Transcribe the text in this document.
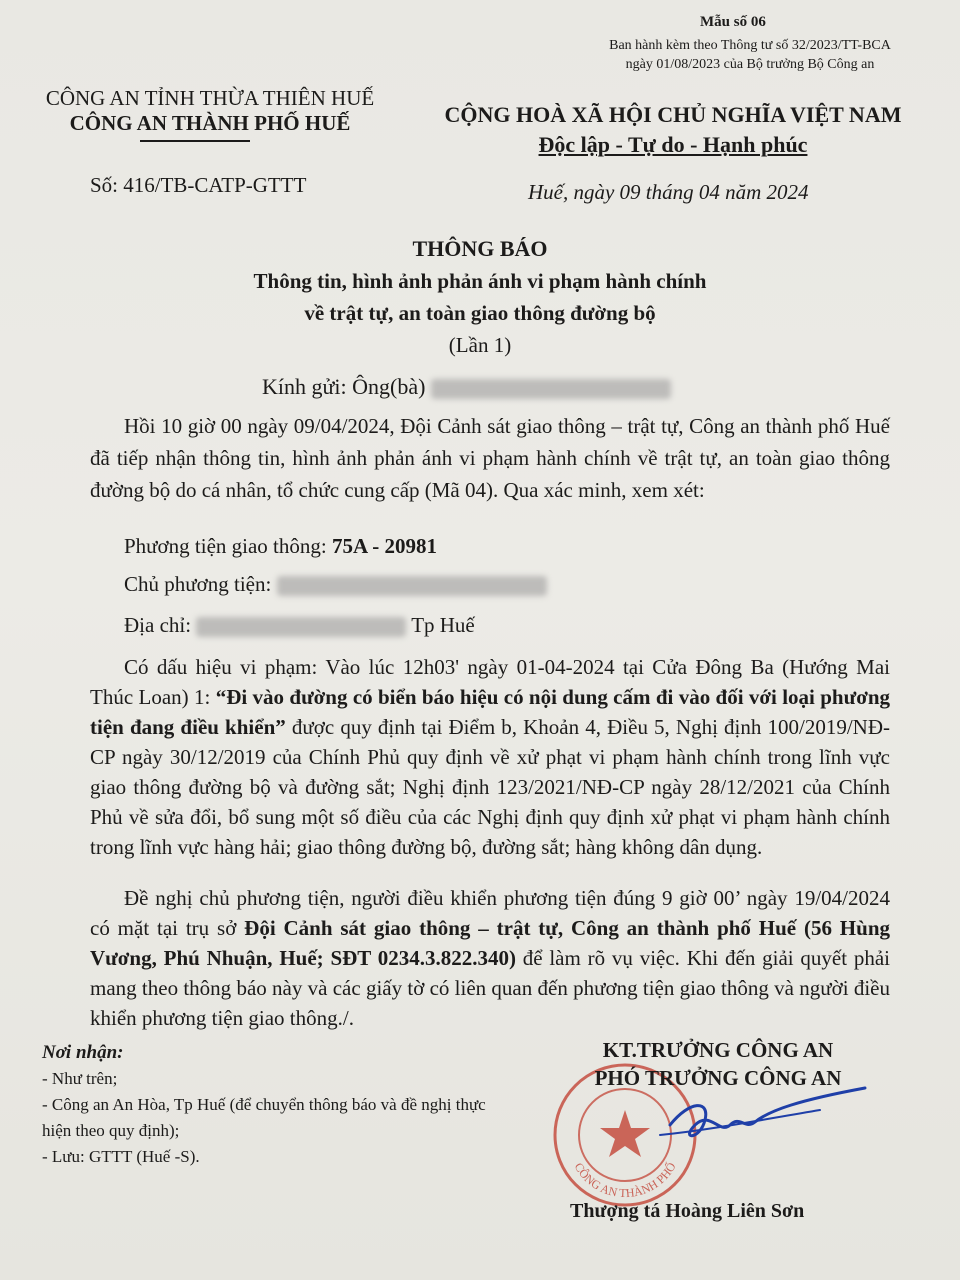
Mẫu số 06
Ban hành kèm theo Thông tư số 32/2023/TT-BCA
ngày 01/08/2023 của Bộ trưởng Bộ Công an
CÔNG AN TỈNH THỪA THIÊN HUẾ
CÔNG AN THÀNH PHỐ HUẾ
Số: 416/TB-CATP-GTTT
CỘNG HOÀ XÃ HỘI CHỦ NGHĨA VIỆT NAM
Độc lập - Tự do - Hạnh phúc
Huế, ngày 09 tháng 04 năm 2024
THÔNG BÁO
Thông tin, hình ảnh phản ánh vi phạm hành chính
về trật tự, an toàn giao thông đường bộ
(Lần 1)
Kính gửi: Ông(bà)
Hồi 10 giờ 00 ngày 09/04/2024, Đội Cảnh sát giao thông – trật tự, Công an thành phố Huế đã tiếp nhận thông tin, hình ảnh phản ánh vi phạm hành chính về trật tự, an toàn giao thông đường bộ do cá nhân, tổ chức cung cấp (Mã 04). Qua xác minh, xem xét:
Phương tiện giao thông: 75A - 20981
Chủ phương tiện:
Địa chỉ:	Tp Huế
Có dấu hiệu vi phạm: Vào lúc 12h03' ngày 01-04-2024 tại Cửa Đông Ba (Hướng Mai Thúc Loan) 1: “Đi vào đường có biển báo hiệu có nội dung cấm đi vào đối với loại phương tiện đang điều khiển” được quy định tại Điểm b, Khoản 4, Điều 5, Nghị định 100/2019/NĐ-CP ngày 30/12/2019 của Chính Phủ quy định về xử phạt vi phạm hành chính trong lĩnh vực giao thông đường bộ và đường sắt; Nghị định 123/2021/NĐ-CP ngày 28/12/2021 của Chính Phủ về sửa đổi, bổ sung một số điều của các Nghị định quy định xử phạt vi phạm hành chính trong lĩnh vực hàng hải; giao thông đường bộ, đường sắt; hàng không dân dụng.
Đề nghị chủ phương tiện, người điều khiển phương tiện đúng 9 giờ 00’ ngày 19/04/2024 có mặt tại trụ sở Đội Cảnh sát giao thông – trật tự, Công an thành phố Huế (56 Hùng Vương, Phú Nhuận, Huế; SĐT 0234.3.822.340) để làm rõ vụ việc. Khi đến giải quyết phải mang theo thông báo này và các giấy tờ có liên quan đến phương tiện giao thông và người điều khiển phương tiện giao thông./.
Nơi nhận:
- Như trên;
- Công an An Hòa, Tp Huế (để chuyển thông báo và đề nghị thực hiện theo quy định);
- Lưu: GTTT (Huế -S).
CÔNG AN THÀNH PHỐ
KT.TRƯỞNG CÔNG AN
PHÓ TRƯỞNG CÔNG AN
Thượng tá Hoàng Liên Sơn
